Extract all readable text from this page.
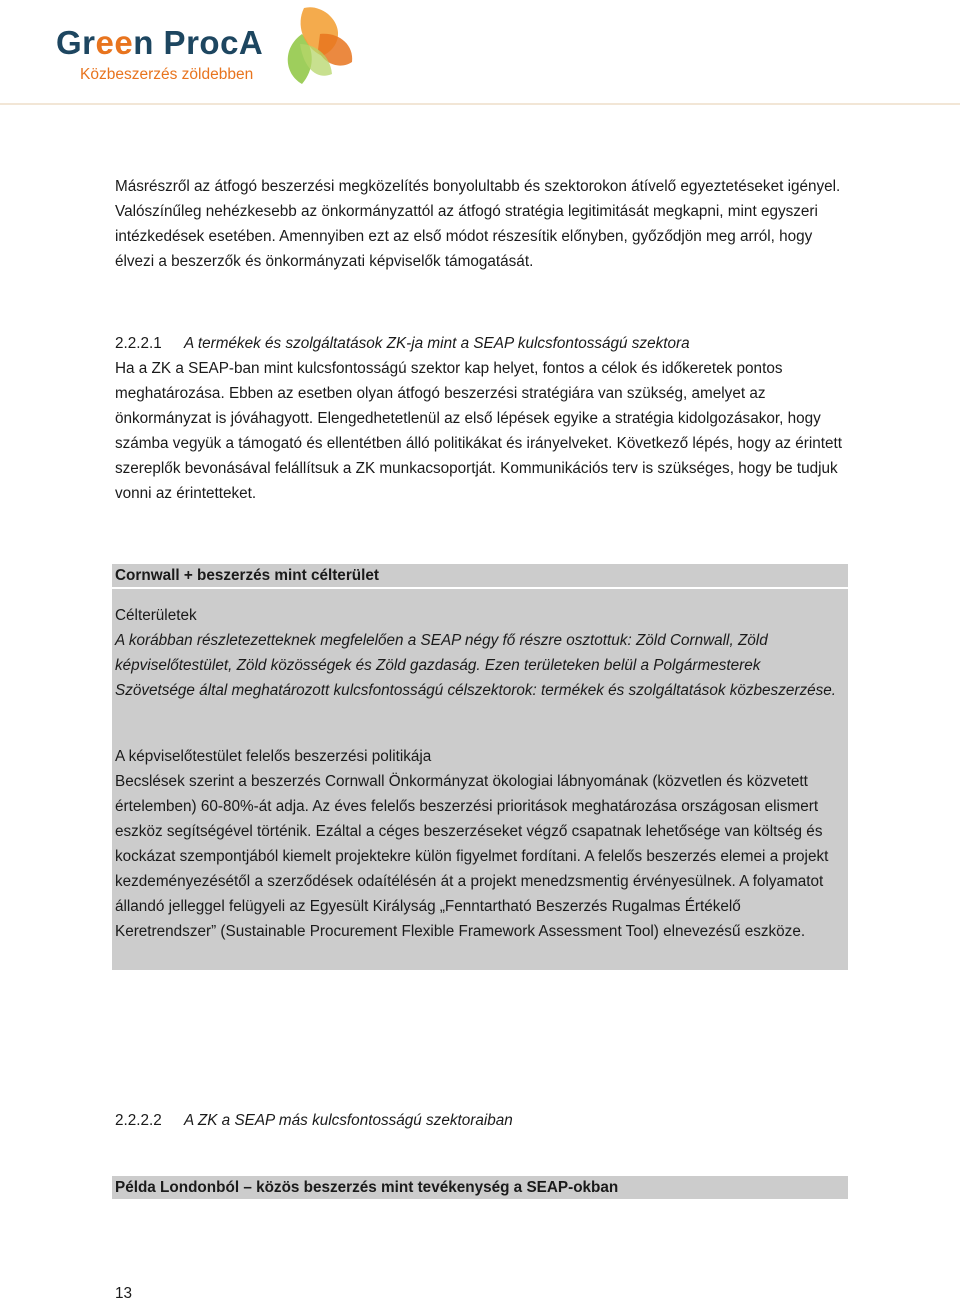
Green ProcA
Közbeszerzés zöldebben

Másrészről az átfogó beszerzési megközelítés bonyolultabb és szektorokon átívelő egyeztetéseket igényel. Valószínűleg nehézkesebb az önkormányzattól az átfogó stratégia legitimitását megkapni, mint egyszeri intézkedések esetében. Amennyiben ezt az első módot részesítik előnyben, győződjön meg arról, hogy élvezi a beszerzők és önkormányzati képviselők támogatását.

2.2.2.1 A termékek és szolgáltatások ZK-ja mint a SEAP kulcsfontosságú szektora

Ha a ZK a SEAP-ban mint kulcsfontosságú szektor kap helyet, fontos a célok és időkeretek pontos meghatározása. Ebben az esetben olyan átfogó beszerzési stratégiára van szükség, amelyet az önkormányzat is jóváhagyott. Elengedhetetlenül az első lépések egyike a stratégia kidolgozásakor, hogy számba vegyük a támogató és ellentétben álló politikákat és irányelveket. Következő lépés, hogy az érintett szereplők bevonásával felállítsuk a ZK munkacsoportját. Kommunikációs terv is szükséges, hogy be tudjuk vonni az érintetteket.

Cornwall + beszerzés mint célterület

Célterületek

A korábban részletezetteknek megfelelően a SEAP négy fő részre osztottuk: Zöld Cornwall, Zöld képviselőtestület, Zöld közösségek és Zöld gazdaság. Ezen területeken belül a Polgármesterek Szövetsége által meghatározott kulcsfontosságú célszektorok: termékek és szolgáltatások közbeszerzése.

A képviselőtestület felelős beszerzési politikája

Becslések szerint a beszerzés Cornwall Önkormányzat ökologiai lábnyomának (közvetlen és közvetett értelemben) 60-80%-át adja. Az éves felelős beszerzési prioritások meghatározása országosan elismert eszköz segítségével történik. Ezáltal a céges beszerzéseket végző csapatnak lehetősége van költség és kockázat szempontjából kiemelt projektekre külön figyelmet fordítani. A felelős beszerzés elemei a projekt kezdeményezésétől a szerződések odaítélésén át a projekt menedzsmentig érvényesülnek. A folyamatot állandó jelleggel felügyeli az Egyesült Királyság „Fenntartható Beszerzés Rugalmas Értékelő Keretrendszer” (Sustainable Procurement Flexible Framework Assessment Tool) elnevezésű eszköze.

2.2.2.2 A ZK a SEAP más kulcsfontosságú szektoraiban
Példa Londonból – közös beszerzés mint tevékenység a SEAP-okban
13
